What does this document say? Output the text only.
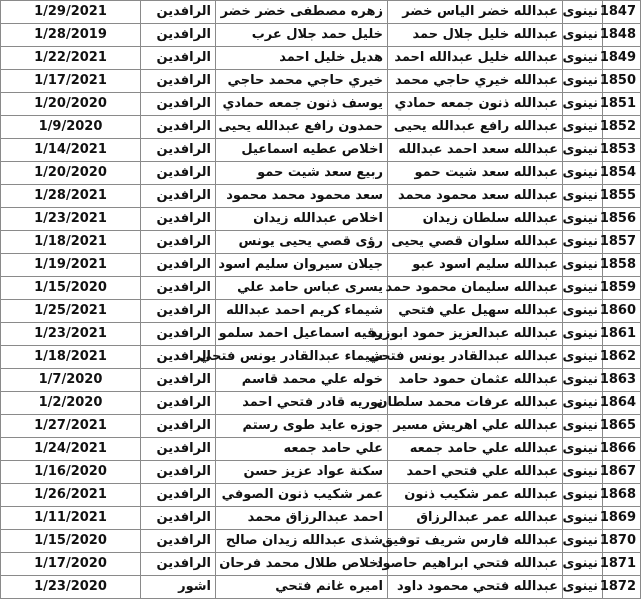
1847	نينوى	عبدالله خضر الياس خضر	زهره مصطفى خضر خضر	الرافدين	1/29/2021
1848	نينوى	عبدالله خليل جلال حمد	خليل حمد جلال عرب	الرافدين	1/28/2019
1849	نينوى	عبدالله خليل عبدالله احمد	هديل خليل احمد	الرافدين	1/22/2021
1850	نينوى	عبدالله خيري حاجي محمد	خيري حاجي محمد حاجي	الرافدين	1/17/2021
1851	نينوى	عبدالله ذنون جمعه حمادي	يوسف ذنون جمعه حمادي	الرافدين	1/20/2020
1852	نينوى	عبدالله رافع عبدالله يحيى	حمدون رافع عبدالله يحيى	الرافدين	1/9/2020
1853	نينوى	عبدالله سعد احمد عبدالله	اخلاص عطيه اسماعيل	الرافدين	1/14/2021
1854	نينوى	عبدالله سعد شيت حمو	ربيع سعد شيت حمو	الرافدين	1/20/2020
1855	نينوى	عبدالله سعد محمود محمد	سعد محمود محمد محمود	الرافدين	1/28/2021
1856	نينوى	عبدالله سلطان زيدان	اخلاص عبدالله زيدان	الرافدين	1/23/2021
1857	نينوى	عبدالله سلوان قصي يحيى	رؤى قصي يحيى يونس	الرافدين	1/18/2021
1858	نينوى	عبدالله سليم اسود عبو	جيلان سيروان سليم اسود	الرافدين	1/19/2021
1859	نينوى	عبدالله سليمان محمود حمد	يسرى عباس حامد علي	الرافدين	1/15/2020
1860	نينوى	عبدالله سهيل علي فتحي	شيماء كريم احمد عبدالله	الرافدين	1/25/2021
1861	نينوى	عبدالله عبدالعزيز حمود ابوزيد	رقيه اسماعيل احمد سلمو	الرافدين	1/23/2021
1862	نينوى	عبدالله عبدالقادر يونس فتحي	شيماء عبدالقادر يونس فتحي	الرافدين	1/18/2021
1863	نينوى	عبدالله عثمان حمود حامد	خوله علي محمد قاسم	الرافدين	1/7/2020
1864	نينوى	عبدالله عرفات محمد سلطان	نوريه قادر فتحي احمد	الرافدين	1/2/2020
1865	نينوى	عبدالله علي اهريش مسير	جوزه عايد طوى رستم	الرافدين	1/27/2021
1866	نينوى	عبدالله علي حامد جمعه	علي حامد جمعه	الرافدين	1/24/2021
1867	نينوى	عبدالله علي فتحي احمد	سكنة عواد عزيز حسن	الرافدين	1/16/2020
1868	نينوى	عبدالله عمر شكيب ذنون	عمر شكيب ذنون الصوفي	الرافدين	1/26/2021
1869	نينوى	عبدالله عمر عبدالرزاق	احمد عبدالرزاق محمد	الرافدين	1/11/2021
1870	نينوى	عبدالله فارس شريف توفيق	شذى عبدالله زيدان صالح	الرافدين	1/15/2020
1871	نينوى	عبدالله فتحي ابراهيم حاصود	اخلاص طلال محمد فرحان	الرافدين	1/17/2020
1872	نينوى	عبدالله فتحي محمود داود	اميره غانم فتحي	اشور	1/23/2020
